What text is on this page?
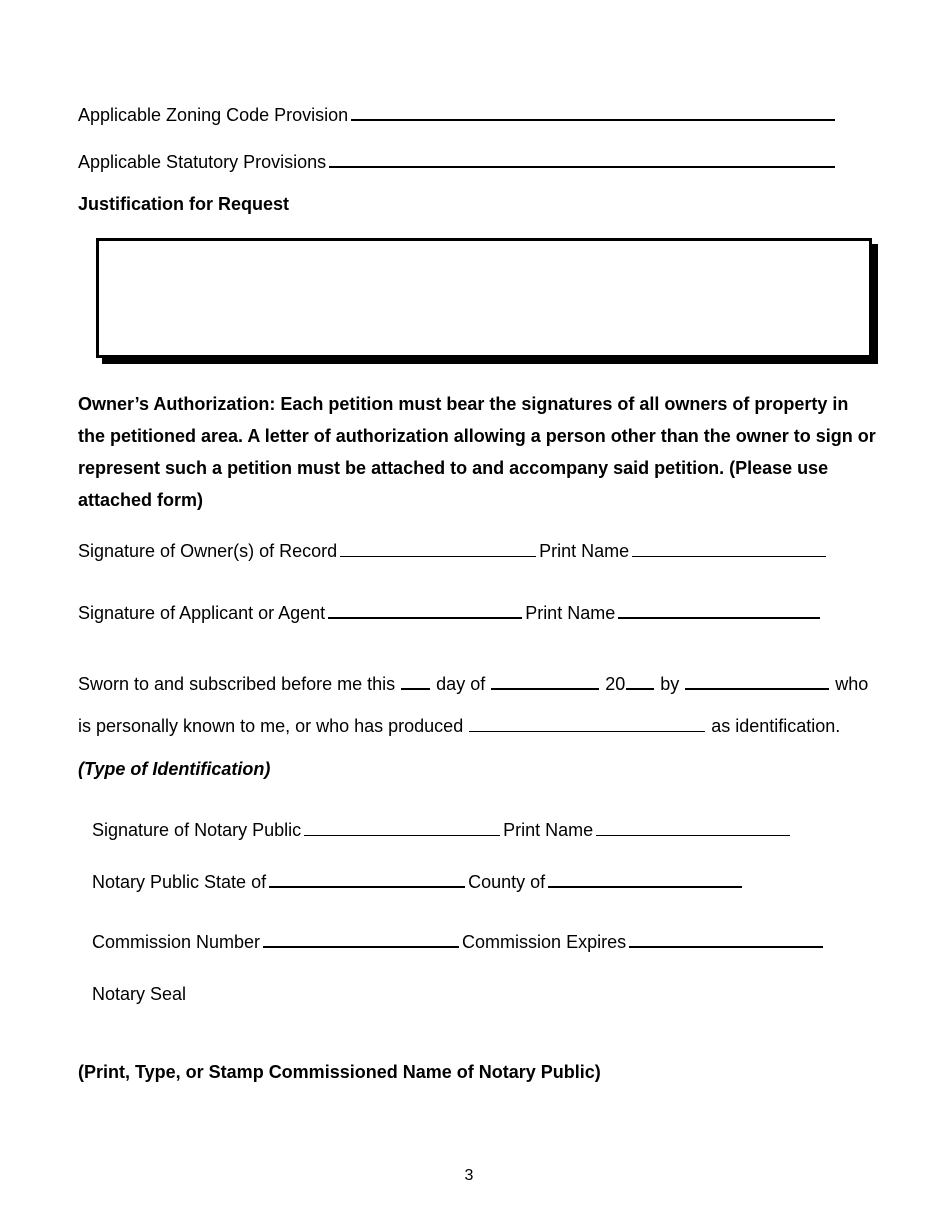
Applicable Zoning Code Provision
Applicable Statutory Provisions
Justification for Request
Owner’s Authorization: Each petition must bear the signatures of all owners of property in the petitioned area. A letter of authorization allowing a person other than the owner to sign or represent such a petition must be attached to and accompany said petition. (Please use attached form)
Signature of Owner(s) of Record	Print Name
Signature of Applicant or Agent	Print Name
Sworn to and subscribed before me this day of	20 by	who
is personally known to me, or who has produced	as identification.
(Type of Identification)
Signature of Notary Public	Print Name
Notary Public State of	County of
Commission Number	Commission Expires
Notary Seal
(Print, Type, or Stamp Commissioned Name of Notary Public)
3
